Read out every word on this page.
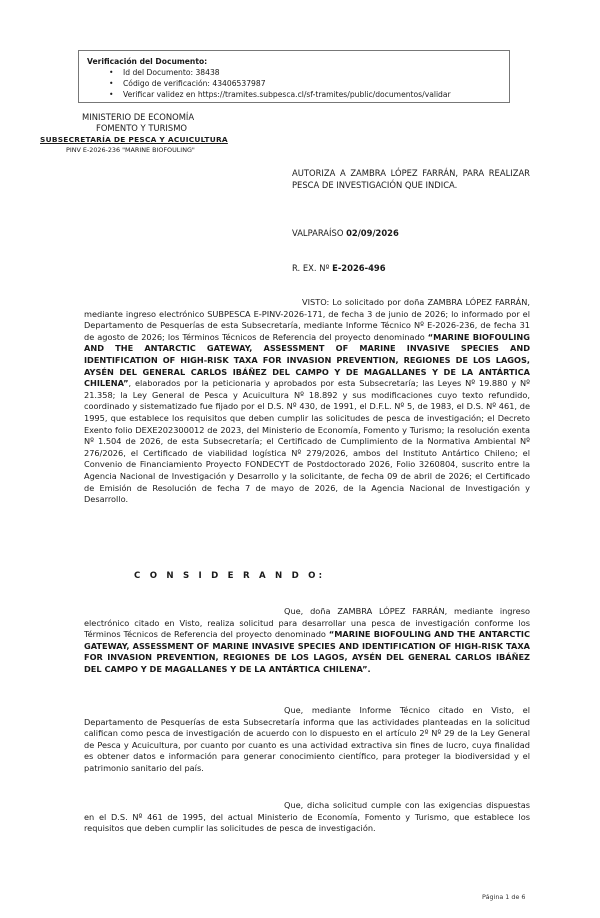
Verificación del Documento:
• Id del Documento: 38438
• Código de verificación: 43406537987
• Verificar validez en https://tramites.subpesca.cl/sf-tramites/public/documentos/validar
MINISTERIO DE ECONOMÍA
FOMENTO Y TURISMO
SUBSECRETARÍA DE PESCA Y ACUICULTURA
PINV E-2026-236 "MARINE BIOFOULING"
AUTORIZA A ZAMBRA LÓPEZ FARRÁN, PARA REALIZAR PESCA DE INVESTIGACIÓN QUE INDICA.
VALPARAÍSO 02/09/2026
R. EX. Nº E-2026-496
VISTO: Lo solicitado por doña ZAMBRA LÓPEZ FARRÁN, mediante ingreso electrónico SUBPESCA E-PINV-2026-171, de fecha 3 de junio de 2026; lo informado por el Departamento de Pesquerías de esta Subsecretaría, mediante Informe Técnico Nº E-2026-236, de fecha 31 de agosto de 2026; los Términos Técnicos de Referencia del proyecto denominado “MARINE BIOFOULING AND THE ANTARCTIC GATEWAY, ASSESSMENT OF MARINE INVASIVE SPECIES AND IDENTIFICATION OF HIGH-RISK TAXA FOR INVASION PREVENTION, REGIONES DE LOS LAGOS, AYSÉN DEL GENERAL CARLOS IBÁÑEZ DEL CAMPO Y DE MAGALLANES Y DE LA ANTÁRTICA CHILENA”, elaborados por la peticionaria y aprobados por esta Subsecretaría; las Leyes Nº 19.880 y Nº 21.358; la Ley General de Pesca y Acuicultura Nº 18.892 y sus modificaciones cuyo texto refundido, coordinado y sistematizado fue fijado por el D.S. Nº 430, de 1991, el D.F.L. Nº 5, de 1983, el D.S. Nº 461, de 1995, que establece los requisitos que deben cumplir las solicitudes de pesca de investigación; el Decreto Exento folio DEXE202300012 de 2023, del Ministerio de Economía, Fomento y Turismo; la resolución exenta Nº 1.504 de 2026, de esta Subsecretaría; el Certificado de Cumplimiento de la Normativa Ambiental Nº 276/2026, el Certificado de viabilidad logística Nº 279/2026, ambos del Instituto Antártico Chileno; el Convenio de Financiamiento Proyecto FONDECYT de Postdoctorado 2026, Folio 3260804, suscrito entre la Agencia Nacional de Investigación y Desarrollo y la solicitante, de fecha 09 de abril de 2026; el Certificado de Emisión de Resolución de fecha 7 de mayo de 2026, de la Agencia Nacional de Investigación y Desarrollo.
C O N S I D E R A N D O:
Que, doña ZAMBRA LÓPEZ FARRÁN, mediante ingreso electrónico citado en Visto, realiza solicitud para desarrollar una pesca de investigación conforme los Términos Técnicos de Referencia del proyecto denominado “MARINE BIOFOULING AND THE ANTARCTIC GATEWAY, ASSESSMENT OF MARINE INVASIVE SPECIES AND IDENTIFICATION OF HIGH-RISK TAXA FOR INVASION PREVENTION, REGIONES DE LOS LAGOS, AYSÉN DEL GENERAL CARLOS IBÁÑEZ DEL CAMPO Y DE MAGALLANES Y DE LA ANTÁRTICA CHILENA”.
Que, mediante Informe Técnico citado en Visto, el Departamento de Pesquerías de esta Subsecretaría informa que las actividades planteadas en la solicitud califican como pesca de investigación de acuerdo con lo dispuesto en el artículo 2º Nº 29 de la Ley General de Pesca y Acuicultura, por cuanto por cuanto es una actividad extractiva sin fines de lucro, cuya finalidad es obtener datos e información para generar conocimiento científico, para proteger la biodiversidad y el patrimonio sanitario del país.
Que, dicha solicitud cumple con las exigencias dispuestas en el D.S. Nº 461 de 1995, del actual Ministerio de Economía, Fomento y Turismo, que establece los requisitos que deben cumplir las solicitudes de pesca de investigación.
Página 1 de 6
